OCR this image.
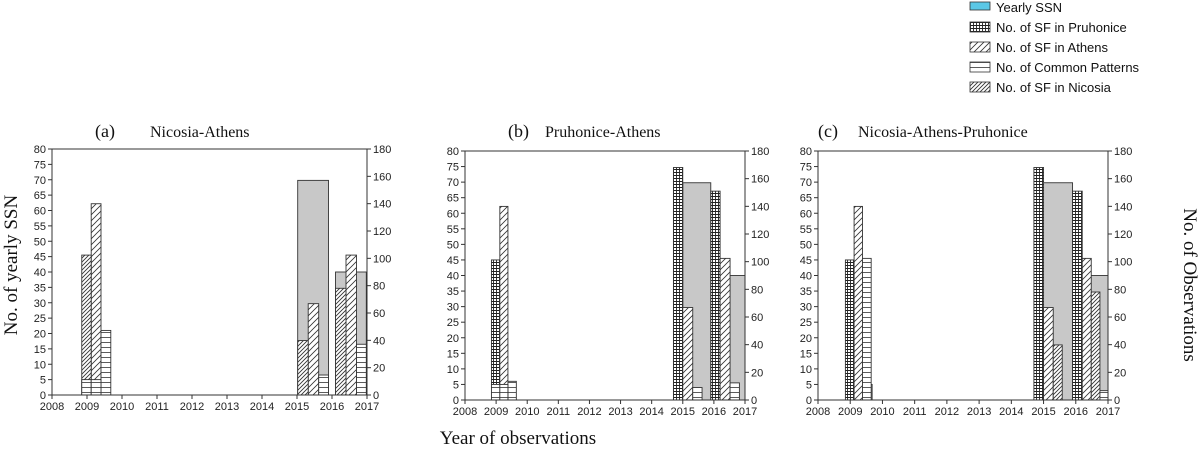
Yearly SSN
No. of SF in Pruhonice
No. of SF in Athens
No. of Common Patterns
No. of SF in Nicosia
No. of yearly SSN	No. of Observations
Year of observations
(a) Nicosia-Athens	(b) Pruhonice-Athens	(c) Nicosia-Athens-Pruhonice
2008 2009 2010 2011 2012 2013 2014 2015 2016 2017
0
5
10
15
20
25
30
35
40
45
50
55
60
65
70
75
80
0
20
40
60
80
100
120
140
160
180
2008 2009 2010 2011 2012 2013 2014 2015 2016 2017
0
5
10
15
20
25
30
35
40
45
50
55
60
65
70
75
80
0
20
40
60
80
100
120
140
160
180
2008 2009 2010 2011 2012 2013 2014 2015 2016 2017
0
5
10
15
20
25
30
35
40
45
50
55
60
65
70
75
80
0
20
40
60
80
100
120
140
160
180
